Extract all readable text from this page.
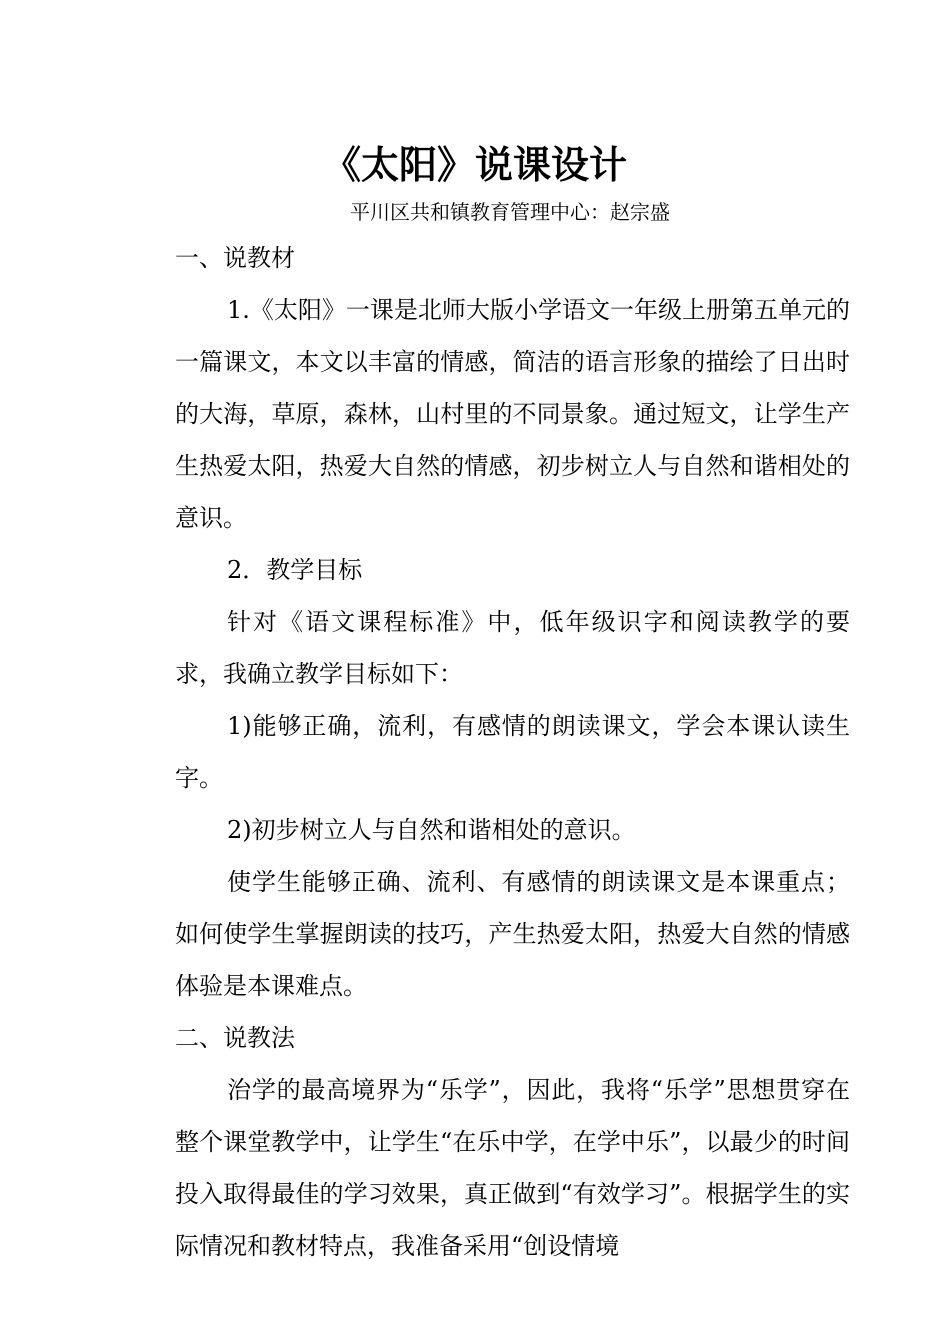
《太阳》说课设计
平川区共和镇教育管理中心：赵宗盛

一、说教材

1.《太阳》一课是北师大版小学语文一年级上册第五单元的一篇课文，本文以丰富的情感，简洁的语言形象的描绘了日出时的大海，草原，森林，山村里的不同景象。通过短文，让学生产生热爱太阳，热爱大自然的情感，初步树立人与自然和谐相处的意识。

2．教学目标

针对《语文课程标准》中，低年级识字和阅读教学的要求，我确立教学目标如下：

1)能够正确，流利，有感情的朗读课文，学会本课认读生字。

2)初步树立人与自然和谐相处的意识。

使学生能够正确、流利、有感情的朗读课文是本课重点；如何使学生掌握朗读的技巧，产生热爱太阳，热爱大自然的情感体验是本课难点。

二、说教法

治学的最高境界为“乐学”，因此，我将“乐学”思想贯穿在整个课堂教学中，让学生“在乐中学，在学中乐”，以最少的时间投入取得最佳的学习效果，真正做到“有效学习”。根据学生的实际情况和教材特点，我准备采用“创设情境
